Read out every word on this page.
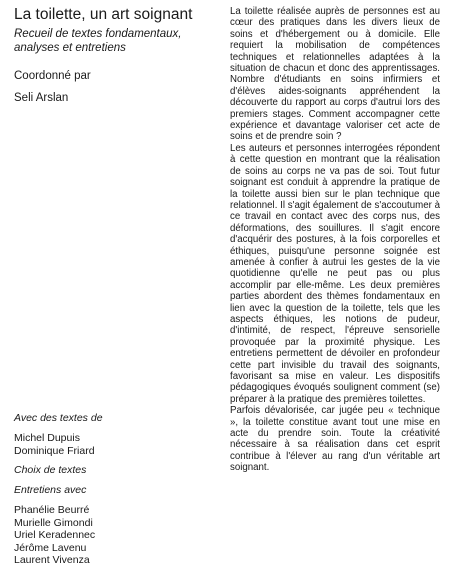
La toilette, un art soignant
Recueil de textes fondamentaux, analyses et entretiens
Coordonné par
Seli Arslan
Avec des textes de
Michel Dupuis
Dominique Friard
Choix de textes
Entretiens avec
Phanélie Beurré
Murielle Gimondi
Uriel Keradennec
Jérôme Lavenu
Laurent Vivenza

La toilette réalisée auprès de personnes est au cœur des pratiques dans les divers lieux de soins et d'hébergement ou à domicile. Elle requiert la mobilisation de compétences techniques et relationnelles adaptées à la situation de chacun et donc des apprentissages. Nombre d'étudiants en soins infirmiers et d'élèves aides-soignants appréhendent la découverte du rapport au corps d'autrui lors des premiers stages. Comment accompagner cette expérience et davantage valoriser cet acte de soins et de prendre soin ?

Les auteurs et personnes interrogées répondent à cette question en montrant que la réalisation de soins au corps ne va pas de soi. Tout futur soignant est conduit à apprendre la pratique de la toilette aussi bien sur le plan technique que relationnel. Il s'agit également de s'accoutumer à ce travail en contact avec des corps nus, des déformations, des souillures. Il s'agit encore d'acquérir des postures, à la fois corporelles et éthiques, puisqu'une personne soignée est amenée à confier à autrui les gestes de la vie quotidienne qu'elle ne peut pas ou plus accomplir par elle-même. Les deux premières parties abordent des thèmes fondamentaux en lien avec la question de la toilette, tels que les aspects éthiques, les notions de pudeur, d'intimité, de respect, l'épreuve sensorielle provoquée par la proximité physique. Les entretiens permettent de dévoiler en profondeur cette part invisible du travail des soignants, favorisant sa mise en valeur. Les dispositifs pédagogiques évoqués soulignent comment (se) préparer à la pratique des premières toilettes.

Parfois dévalorisée, car jugée peu « technique », la toilette constitue avant tout une mise en acte du prendre soin. Toute la créativité nécessaire à sa réalisation dans cet esprit contribue à l'élever au rang d'un véritable art soignant.
